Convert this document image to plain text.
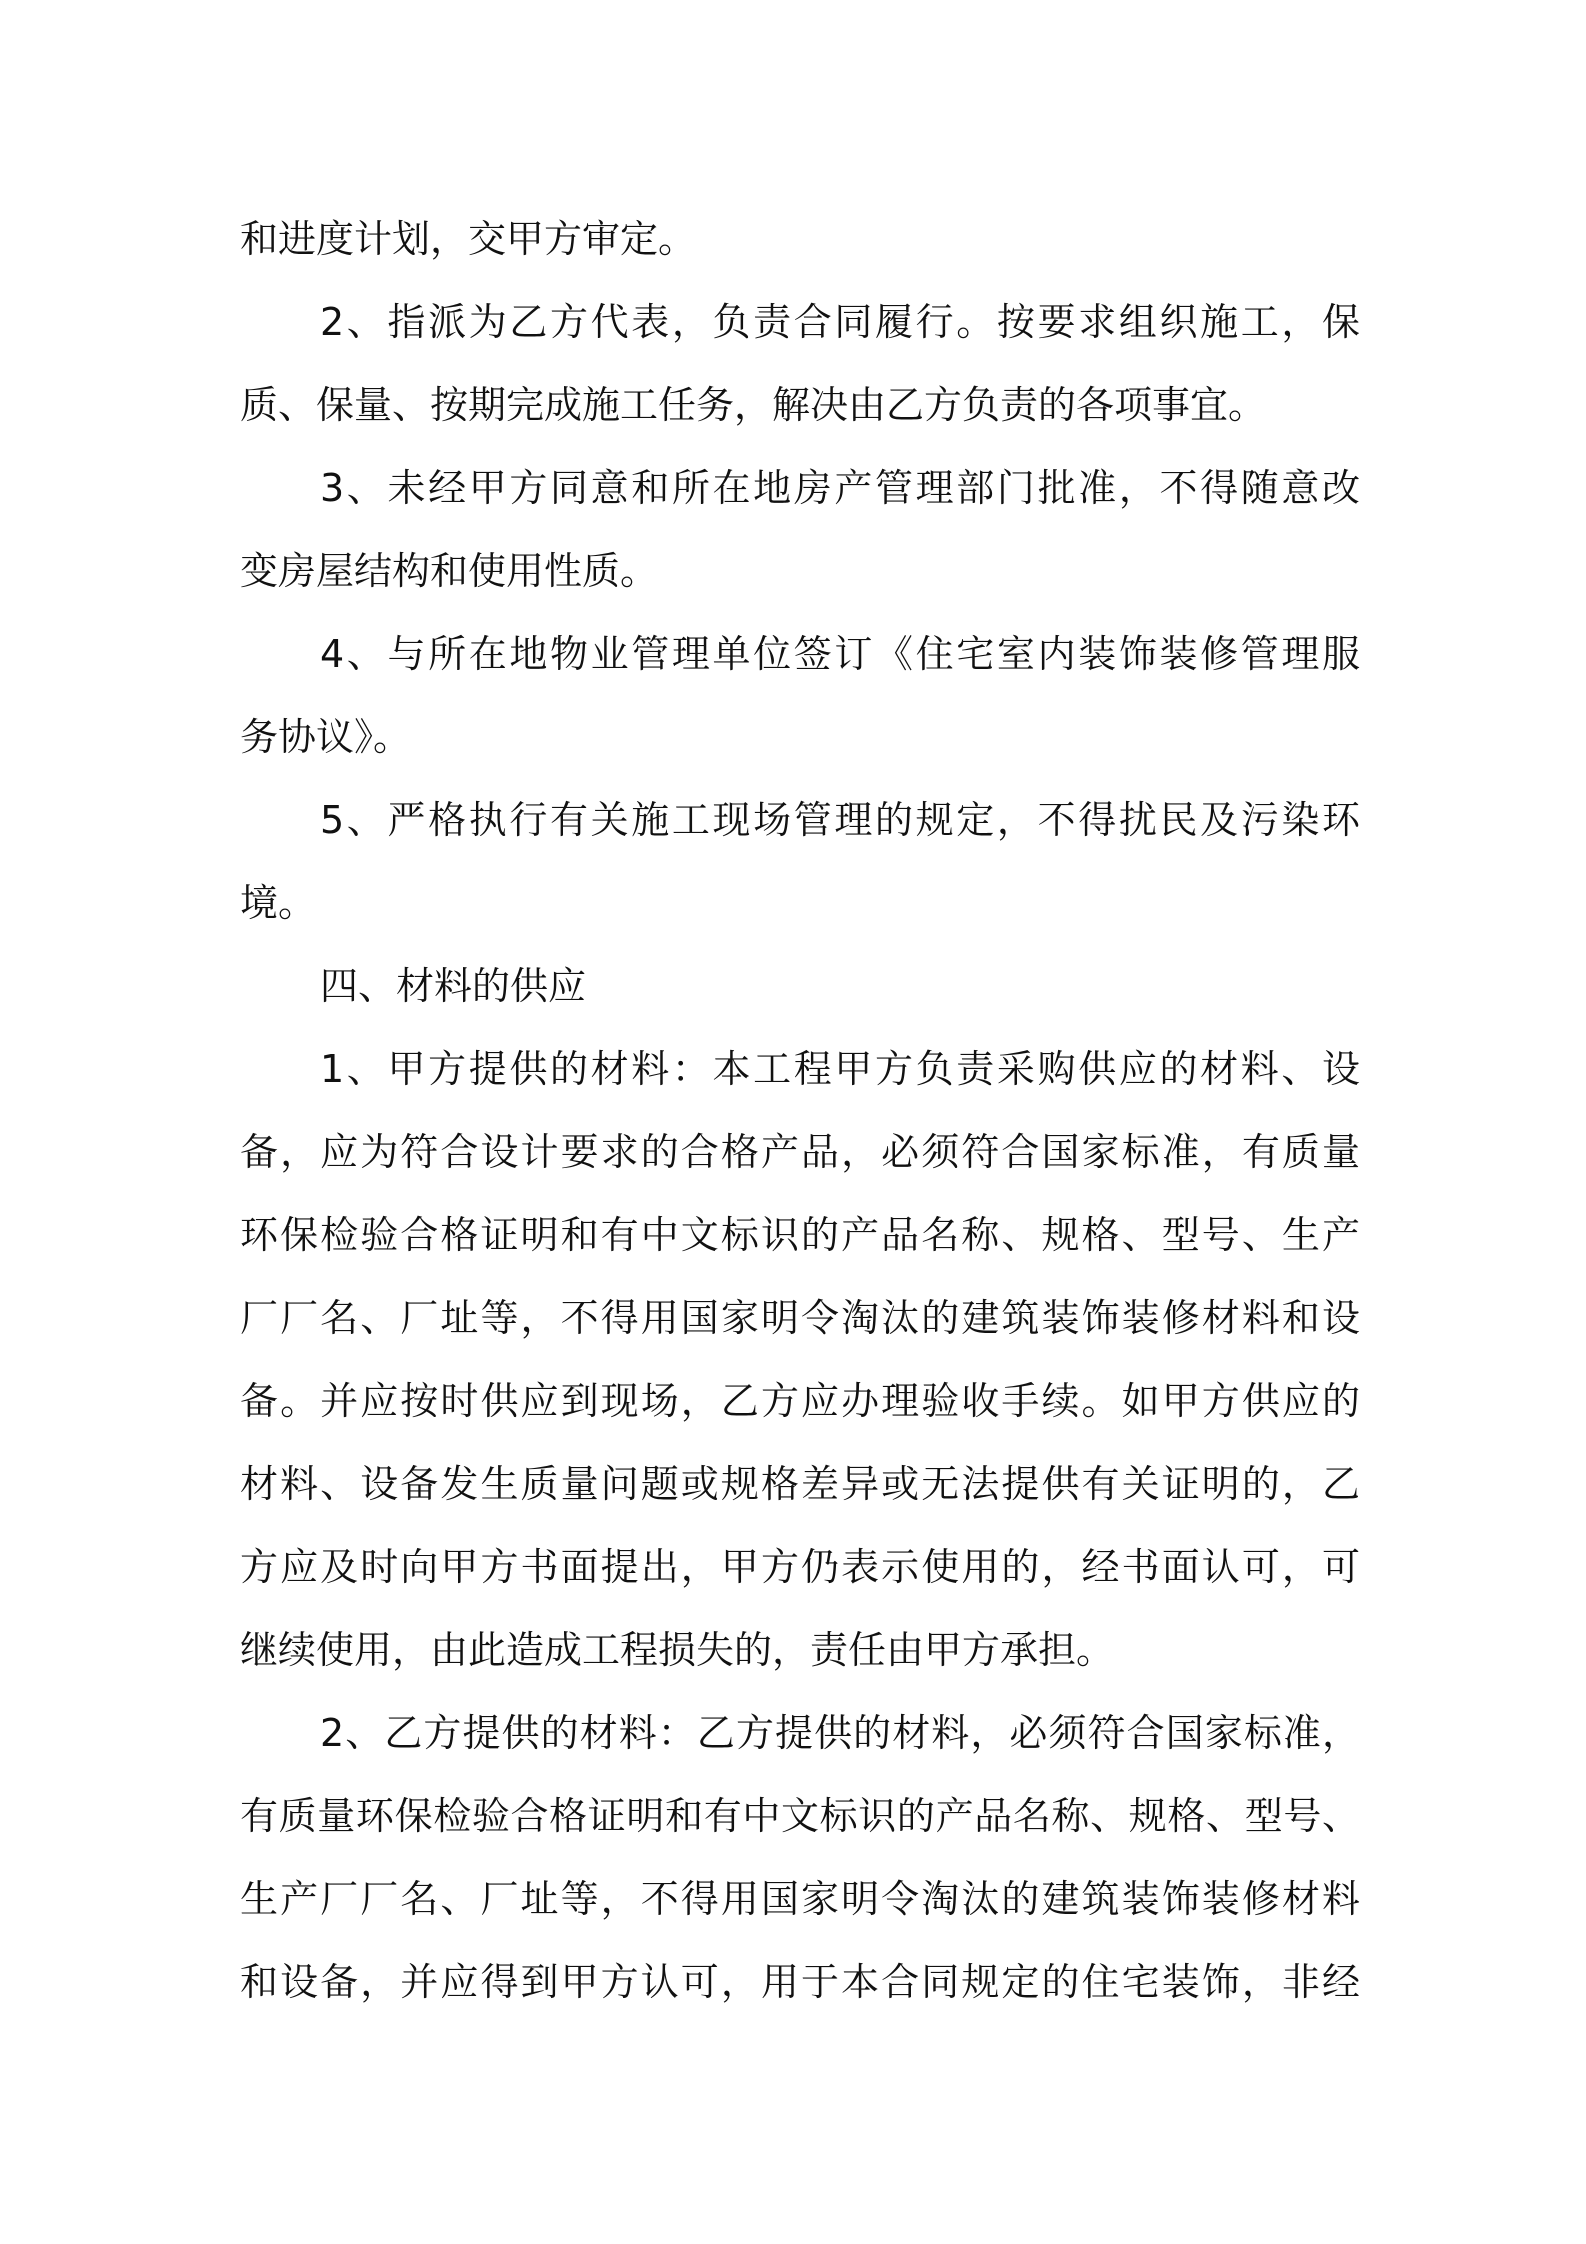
和进度计划，交甲方审定。
2、指派为乙方代表，负责合同履行。按要求组织施工，保
质、保量、按期完成施工任务，解决由乙方负责的各项事宜。
3、未经甲方同意和所在地房产管理部门批准，不得随意改
变房屋结构和使用性质。
4、与所在地物业管理单位签订《住宅室内装饰装修管理服
务协议》。
5、严格执行有关施工现场管理的规定，不得扰民及污染环
境。
四、材料的供应
1、甲方提供的材料：本工程甲方负责采购供应的材料、设
备，应为符合设计要求的合格产品，必须符合国家标准，有质量
环保检验合格证明和有中文标识的产品名称、规格、型号、生产
厂厂名、厂址等，不得用国家明令淘汰的建筑装饰装修材料和设
备。并应按时供应到现场，乙方应办理验收手续。如甲方供应的
材料、设备发生质量问题或规格差异或无法提供有关证明的，乙
方应及时向甲方书面提出，甲方仍表示使用的，经书面认可，可
继续使用，由此造成工程损失的，责任由甲方承担。
2、乙方提供的材料：乙方提供的材料，必须符合国家标准，
有质量环保检验合格证明和有中文标识的产品名称、规格、型号、
生产厂厂名、厂址等，不得用国家明令淘汰的建筑装饰装修材料
和设备，并应得到甲方认可，用于本合同规定的住宅装饰，非经
